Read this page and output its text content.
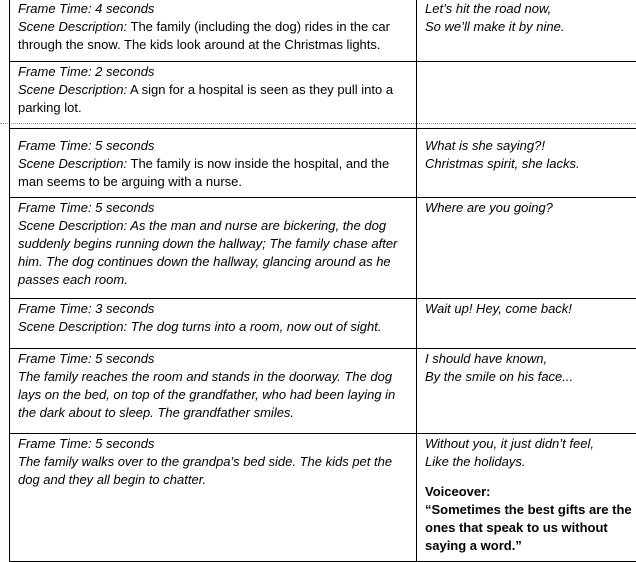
Frame Time: 4 seconds
Scene Description: The family (including the dog) rides in the car through the snow. The kids look around at the Christmas lights.	Let’s hit the road now,
So we’ll make it by nine.

Frame Time: 2 seconds
Scene Description: A sign for a hospital is seen as they pull into a parking lot.	

Frame Time: 5 seconds
Scene Description: The family is now inside the hospital, and the man seems to be arguing with a nurse.	What is she saying?!
Christmas spirit, she lacks.

Frame Time: 5 seconds
Scene Description: As the man and nurse are bickering, the dog suddenly begins running down the hallway; The family chase after him. The dog continues down the hallway, glancing around as he passes each room.	Where are you going?

Frame Time: 3 seconds
Scene Description: The dog turns into a room, now out of sight.	Wait up! Hey, come back!

Frame Time: 5 seconds
The family reaches the room and stands in the doorway. The dog lays on the bed, on top of the grandfather, who had been laying in the dark about to sleep. The grandfather smiles.	I should have known,
By the smile on his face...

Frame Time: 5 seconds
The family walks over to the grandpa’s bed side. The kids pet the dog and they all begin to chatter.	Without you, it just didn’t feel,
Like the holidays.
Voiceover:
“Sometimes the best gifts are the ones that speak to us without saying a word.”
